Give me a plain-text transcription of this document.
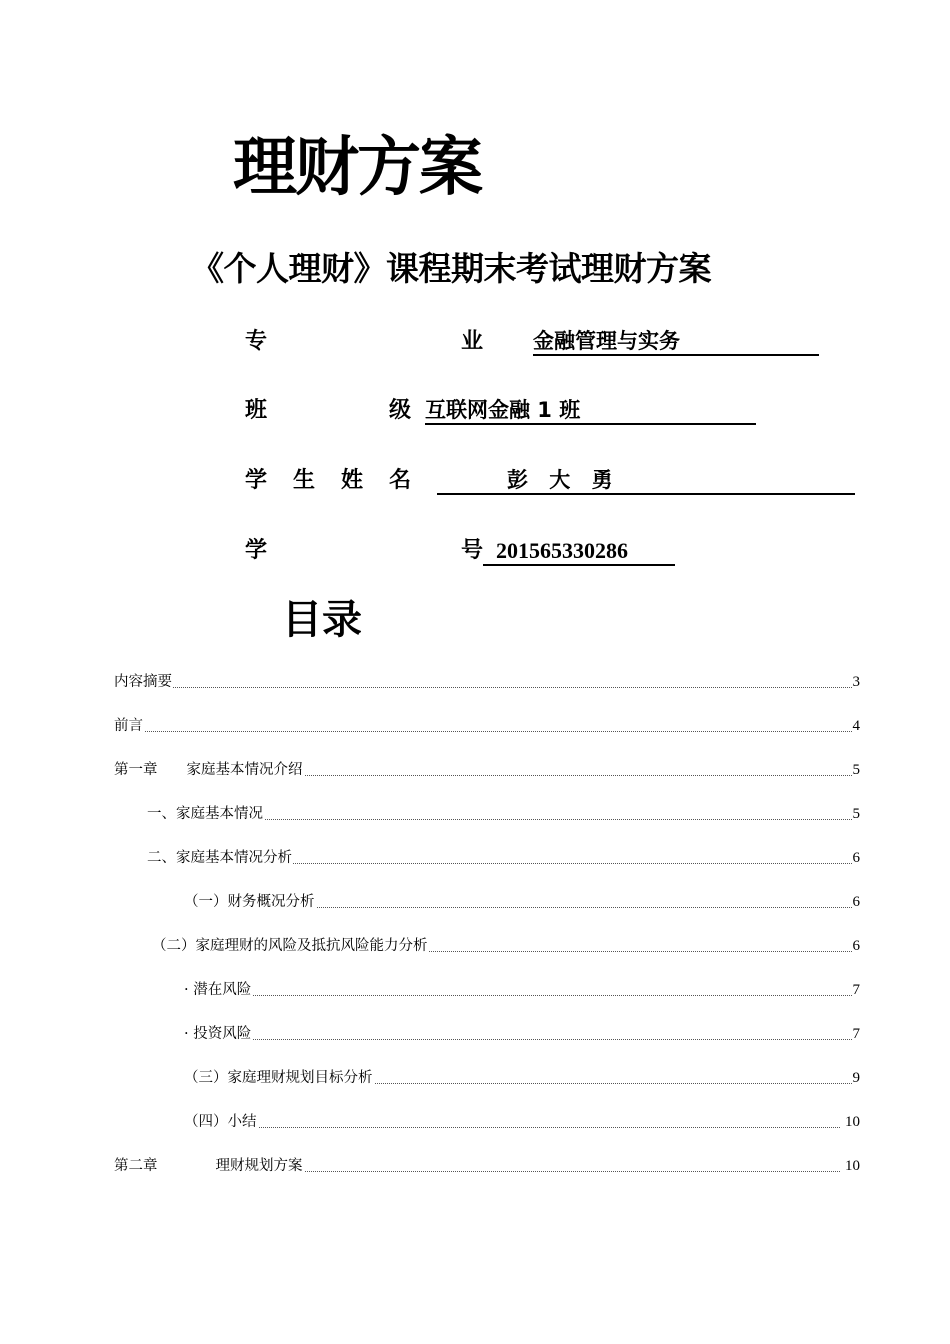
理财方案
《个人理财》课程期末考试理财方案
专	业 金融管理与实务
班	级 互联网金融 1 班
学 生 姓 名	彭 大 勇
学	号 201565330286
目录
内容摘要	3
前言	4
第一章　　家庭基本情况介绍	5
一、家庭基本情况	5
二、家庭基本情况分析	6
（一）财务概况分析	6
（二）家庭理财的风险及抵抗风险能力分析	6
· 潜在风险	7
· 投资风险	7
（三）家庭理财规划目标分析	9
（四）小结	10
第二章　　　　理财规划方案	10
